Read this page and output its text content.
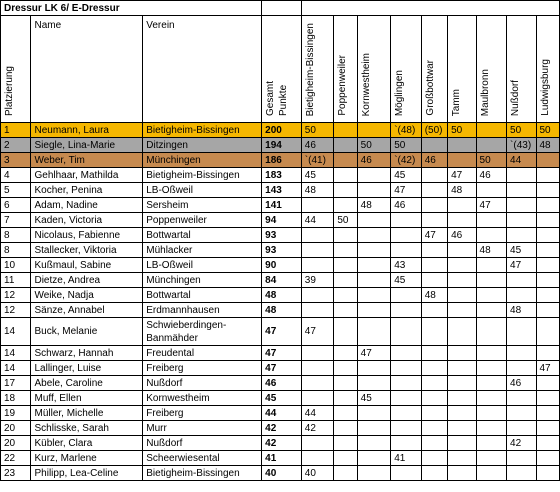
Dressur LK 6/ E-Dressur												
Platzierung	Name	Verein	Gesamt Punkte	Bietigheim-Bissingen	Poppenweiler	Kornwestheim	Möglingen	Großbottwar	Tamm	Maulbronn	Nußdorf	Ludwigsburg
1	Neumann, Laura	Bietigheim-Bissingen	200	50			`(48)	(50)	50		50	50
2	Siegle, Lina-Marie	Ditzingen	194	46		50	50				`(43)	48
3	Weber, Tim	Münchingen	186	`(41)		46	`(42)	46		50	44	
4	Gehlhaar, Mathilda	Bietigheim-Bissingen	183	45			45		47	46		
5	Kocher, Penina	LB-Oßweil	143	48			47		48			
6	Adam, Nadine	Sersheim	141			48	46			47		
7	Kaden, Victoria	Poppenweiler	94	44	50							
8	Nicolaus, Fabienne	Bottwartal	93					47	46			
8	Stallecker, Viktoria	Mühlacker	93							48	45	
10	Kußmaul, Sabine	LB-Oßweil	90				43				47	
11	Dietze, Andrea	Münchingen	84	39			45					
12	Weike, Nadja	Bottwartal	48					48				
12	Sänze, Annabel	Erdmannhausen	48								48	
14	Buck, Melanie	Schwieberdingen-Banmähder	47	47								
14	Schwarz, Hannah	Freudental	47			47						
14	Lallinger, Luise	Freiberg	47									47
17	Abele, Caroline	Nußdorf	46								46	
18	Muff, Ellen	Kornwestheim	45			45						
19	Müller, Michelle	Freiberg	44	44								
20	Schlisske, Sarah	Murr	42	42								
20	Kübler, Clara	Nußdorf	42								42	
22	Kurz, Marlene	Scheerwiesental	41				41					
23	Philipp, Lea-Celine	Bietigheim-Bissingen	40	40								
